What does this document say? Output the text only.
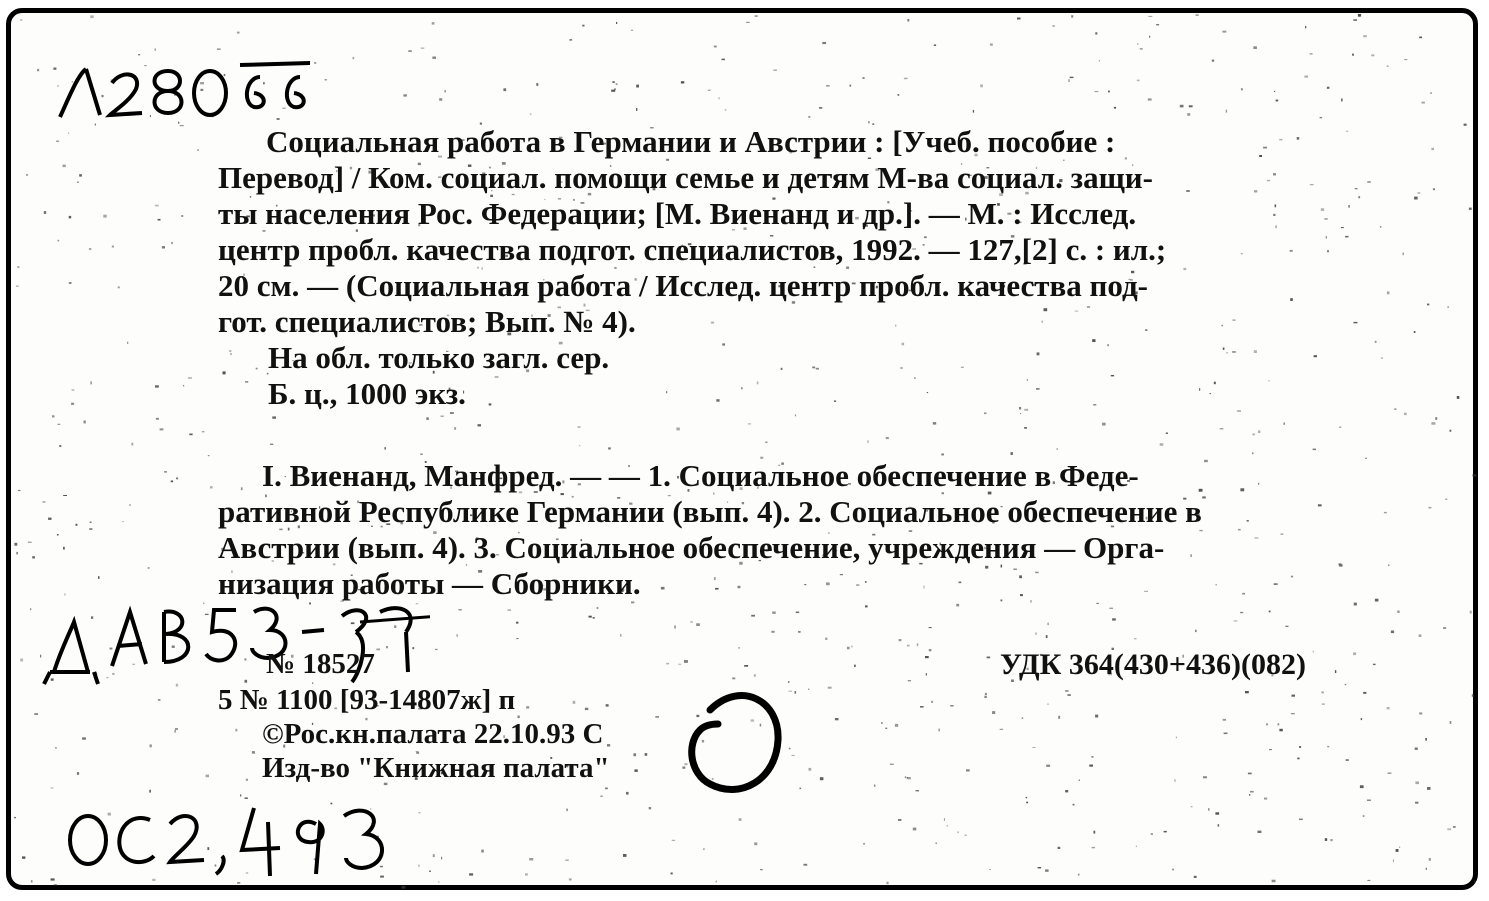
Социальная работа в Германии и Австрии : [Учеб. пособие :
Перевод] / Ком. социал. помощи семье и детям М-ва социал. защи-
ты населения Рос. Федерации; [М. Виенанд и др.]. — М. : Исслед.
центр пробл. качества подгот. специалистов, 1992. — 127,[2] с. : ил.;
20 см. — (Социальная работа / Исслед. центр пробл. качества под-
гот. специалистов; Вып. № 4).
На обл. только загл. сер.
Б. ц., 1000 экз.
I. Виенанд, Манфред. — — 1. Социальное обеспечение в Феде-
ративной Республике Германии (вып. 4). 2. Социальное обеспечение в
Австрии (вып. 4). 3. Социальное обеспечение, учреждения — Орга-
низация работы — Сборники.
№ 18527	УДК 364(430+436)(082)
5 № 1100 [93-14807ж] п
©Рос.кн.палата 22.10.93 С
Изд-во "Книжная палата"
